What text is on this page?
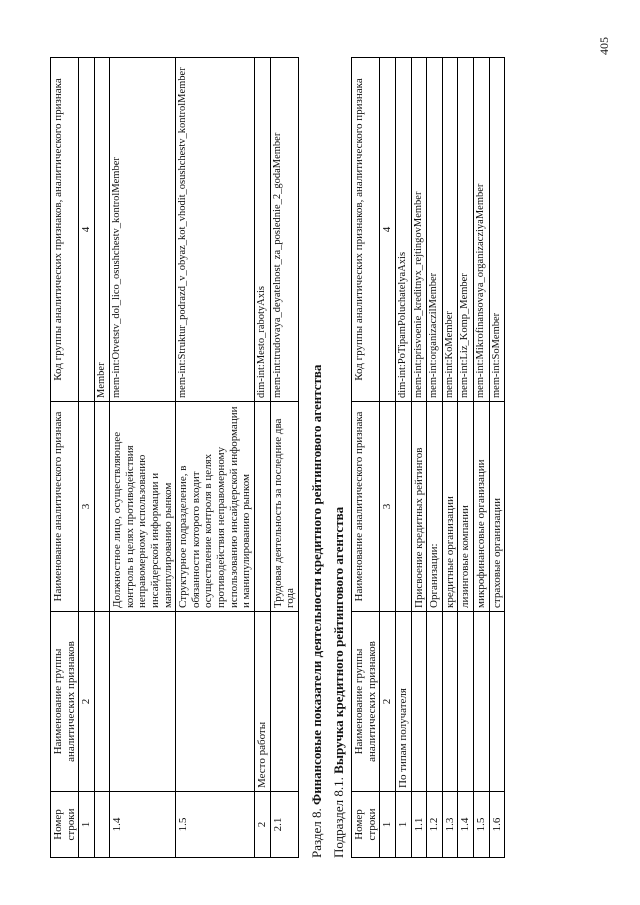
405
Номер строки	Наименование группы аналитических признаков	Наименование аналитического признака	Код группы аналитических признаков, аналитического признака
1	2	3	4
			Member
1.4		Должностное лицо, осуществляющее контроль в целях противодействия неправомерному использованию инсайдерской информации и манипулированию рынком	mem-int:Otvetstv_dol_lico_osushchestv_kontrolMember
1.5		Структурное подразделение, в обязанности которого входит осуществление контроля в целях противодействия неправомерному использованию инсайдерской информации и манипулированию рынком	mem-int:Struktur_podrazd_v_obyaz_kot_vhodit_osushchestv_kontrolMember
2	Место работы		dim-int:Mesto_rabotyAxis
2.1		Трудовая деятельность за последние два года	mem-int:trudovaya_deyatelnost_za_poslednie_2_godaMember
Раздел 8. Финансовые показатели деятельности кредитного рейтингового агентства
Подраздел 8.1. Выручка кредитного рейтингового агентства
Номер строки	Наименование группы аналитических признаков	Наименование аналитического признака	Код группы аналитических признаков, аналитического признака
1	2	3	4
1	По типам получателя		dim-int:PoTipamPoluchatelyaAxis
1.1		Присвоение кредитных рейтингов	mem-int:prisvoenie_kreditnyx_rejtingovMember
1.2		Организации:	mem-int:organizaczilMember
1.3		кредитные организации	mem-int:KoMember
1.4		лизинговые компании	mem-int:Liz_Komp_Member
1.5		микрофинансовые организации	mem-int:Mikrofinansovaya_organizacziyaMember
1.6		страховые организации	mem-int:SoMember
